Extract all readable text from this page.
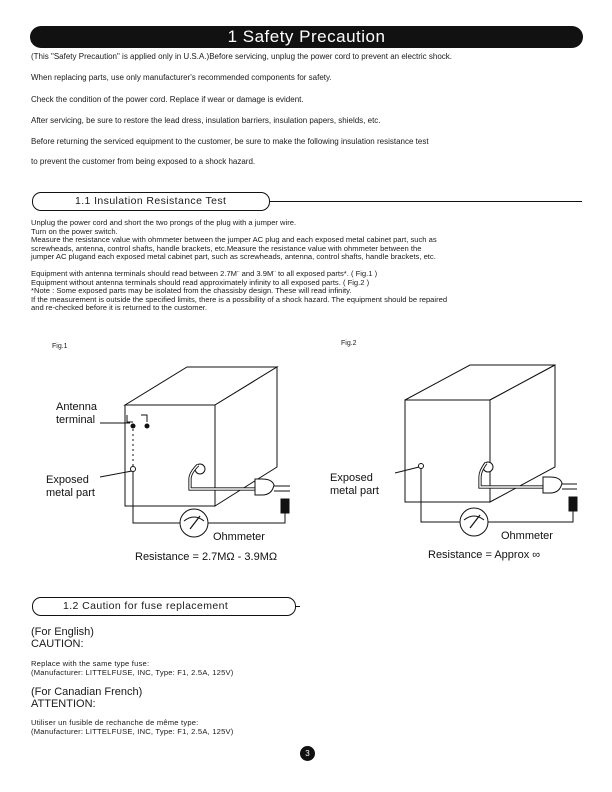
1 Safety Precaution
(This "Safety Precaution" is applied only in U.S.A.)Before servicing, unplug the power cord to prevent an electric shock.
When replacing parts, use only manufacturer's recommended components for safety.
Check the condition of the power cord. Replace if wear or damage is evident.
After servicing, be sure to restore the lead dress, insulation barriers, insulation papers, shields, etc.
Before returning the serviced equipment to the customer, be sure to make the following insulation resistance test
to prevent the customer from being exposed to a shock hazard.
1.1 Insulation Resistance Test

Unplug the power cord and short the two prongs of the plug with a jumper wire.

Turn on the power switch.

Measure the resistance value with ohmmeter between the jumper AC plug and each exposed metal cabinet part, such as

screwheads, antenna, control shafts, handle brackets, etc.Measure the resistance value with ohmmeter between the

jumper AC plugand each exposed metal cabinet part, such as screwheads, antenna, control shafts, handle brackets, etc.

Equipment with antenna terminals should read between 2.7M¨ and 3.9M¨ to all exposed parts*. ( Fig.1 )

Equipment without antenna terminals should read approximately infinity to all exposed parts. ( Fig.2 )

*Note : Some exposed parts may be isolated from the chassisby design. These will read infinity.

If the measurement is outside the specified limits, there is a possibility of a shock hazard. The equipment should be repaired

and re-checked before it is returned to the customer.

Fig.1
Antenna
terminal
Exposed
metal part
Ohmmeter
Resistance = 2.7MΩ - 3.9MΩ
Fig.2
Exposed
metal part
Ohmmeter
Resistance = Approx ∞
1.2 Caution for fuse replacement
(For English)
CAUTION:
Replace with the same type fuse:
(Manufacturer: LITTELFUSE, INC, Type: F1, 2.5A, 125V)
(For Canadian French)
ATTENTION:
Utiliser un fusible de rechanche de même type:
(Manufacturer: LITTELFUSE, INC, Type: F1, 2.5A, 125V)
3
